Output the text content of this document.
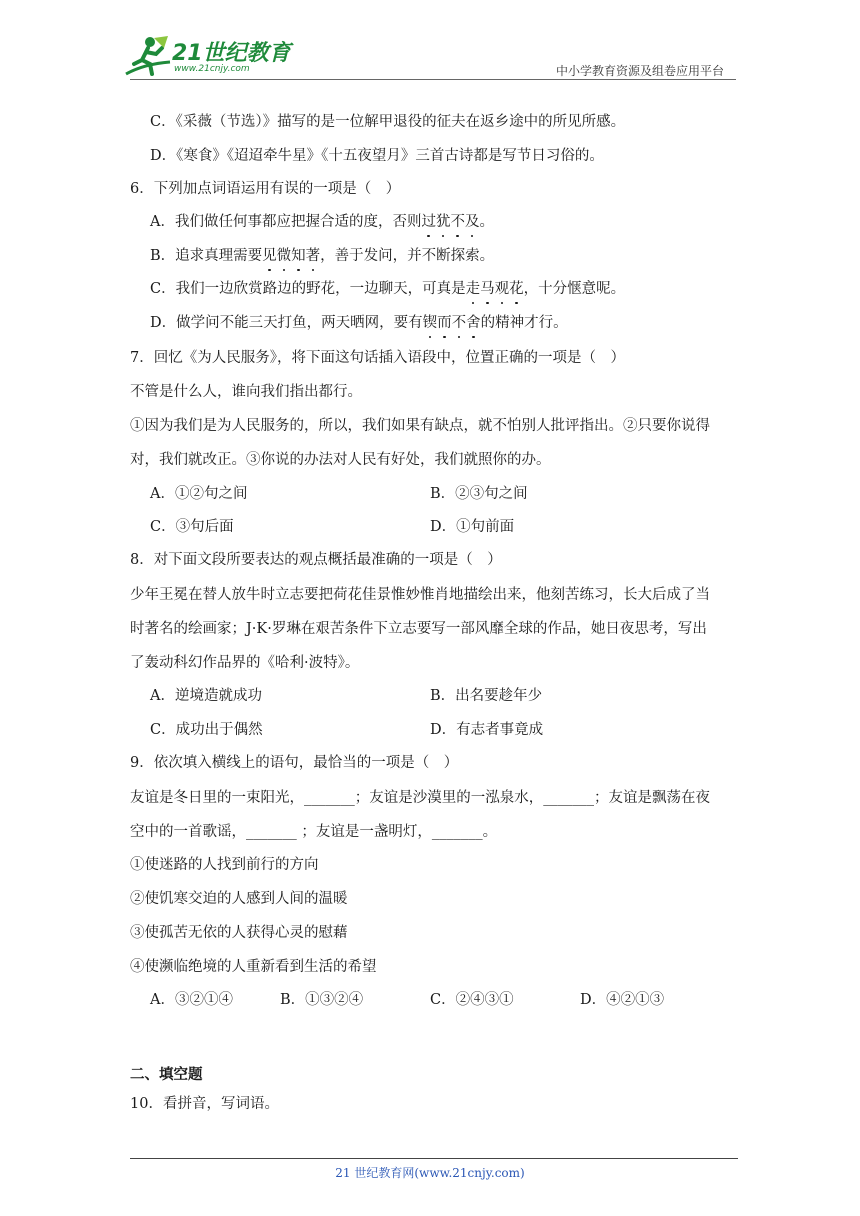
21世纪教育
www.21cnjy.com	中小学教育资源及组卷应用平台
C．《采薇（节选）》描写的是一位解甲退役的征夫在返乡途中的所见所感。
D．《寒食》《迢迢牵牛星》《十五夜望月》三首古诗都是写节日习俗的。
6．下列加点词语运用有误的一项是（　）
A．我们做任何事都应把握合适的度，否则过犹不及。
B．追求真理需要见微知著，善于发问，并不断探索。
C．我们一边欣赏路边的野花，一边聊天，可真是走马观花，十分惬意呢。
D．做学问不能三天打鱼，两天晒网，要有锲而不舍的精神才行。
7．回忆《为人民服务》，将下面这句话插入语段中，位置正确的一项是（　）
不管是什么人，谁向我们指出都行。
①因为我们是为人民服务的，所以，我们如果有缺点，就不怕别人批评指出。②只要你说得
对，我们就改正。③你说的办法对人民有好处，我们就照你的办。
A．①②句之间	B．②③句之间
C．③句后面	D．①句前面
8．对下面文段所要表达的观点概括最准确的一项是（　）
少年王冕在替人放牛时立志要把荷花佳景惟妙惟肖地描绘出来，他刻苦练习，长大后成了当
时著名的绘画家；J·K·罗琳在艰苦条件下立志要写一部风靡全球的作品，她日夜思考，写出
了轰动科幻作品界的《哈利·波特》。
A．逆境造就成功	B．出名要趁年少
C．成功出于偶然	D．有志者事竟成
9．依次填入横线上的语句，最恰当的一项是（　）
友谊是冬日里的一束阳光，_______；友谊是沙漠里的一泓泉水，_______；友谊是飘荡在夜
空中的一首歌谣，_______ ；友谊是一盏明灯，_______。
①使迷路的人找到前行的方向
②使饥寒交迫的人感到人间的温暖
③使孤苦无依的人获得心灵的慰藉
④使濒临绝境的人重新看到生活的希望
A．③②①④	B．①③②④	C．②④③①	D．④②①③
二、填空题
10．看拼音，写词语。
21 世纪教育网(www.21cnjy.com)
